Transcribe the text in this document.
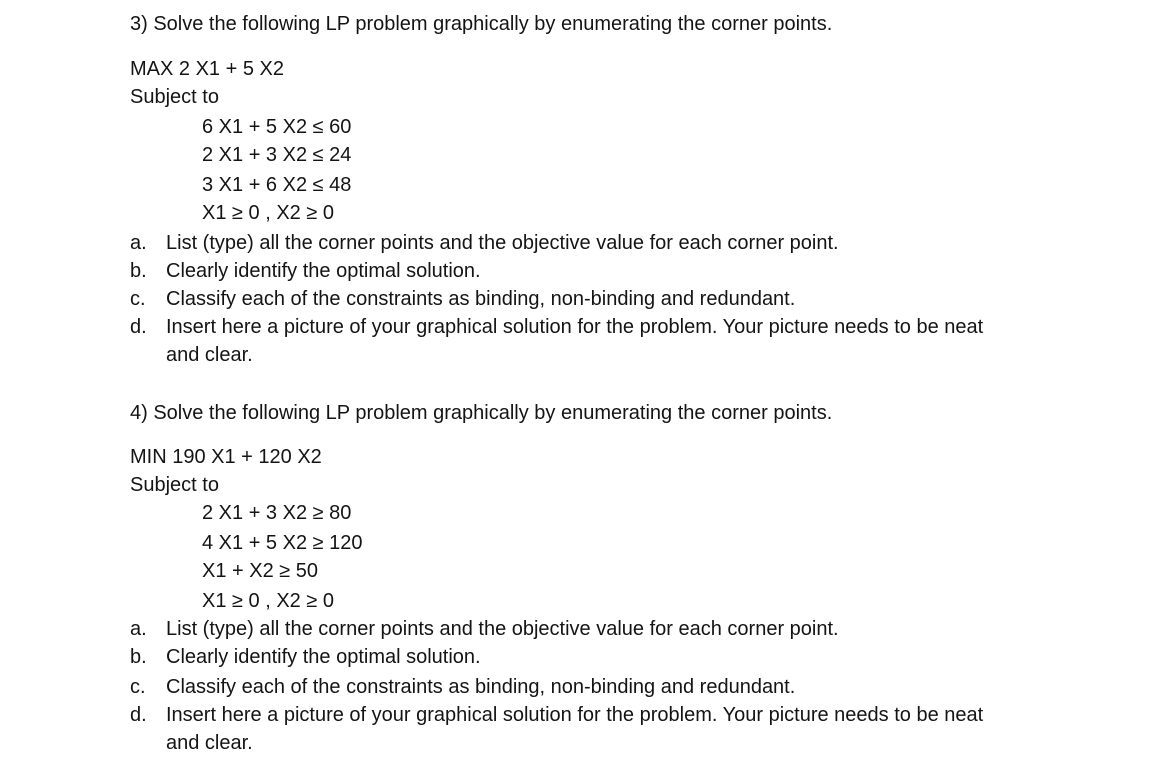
3) Solve the following LP problem graphically by enumerating the corner points.
MAX 2 X1 + 5 X2
Subject to
6 X1 + 5 X2 ≤ 60
2 X1 + 3 X2 ≤ 24
3 X1 + 6 X2 ≤ 48
X1 ≥ 0 , X2 ≥ 0
a. List (type) all the corner points and the objective value for each corner point.
b. Clearly identify the optimal solution.
c. Classify each of the constraints as binding, non-binding and redundant.
d. Insert here a picture of your graphical solution for the problem. Your picture needs to be neat
and clear.
4) Solve the following LP problem graphically by enumerating the corner points.
MIN 190 X1 + 120 X2
Subject to
2 X1 + 3 X2 ≥ 80
4 X1 + 5 X2 ≥ 120
X1 + X2 ≥ 50
X1 ≥ 0 , X2 ≥ 0
a. List (type) all the corner points and the objective value for each corner point.
b. Clearly identify the optimal solution.
c. Classify each of the constraints as binding, non-binding and redundant.
d. Insert here a picture of your graphical solution for the problem. Your picture needs to be neat
and clear.
